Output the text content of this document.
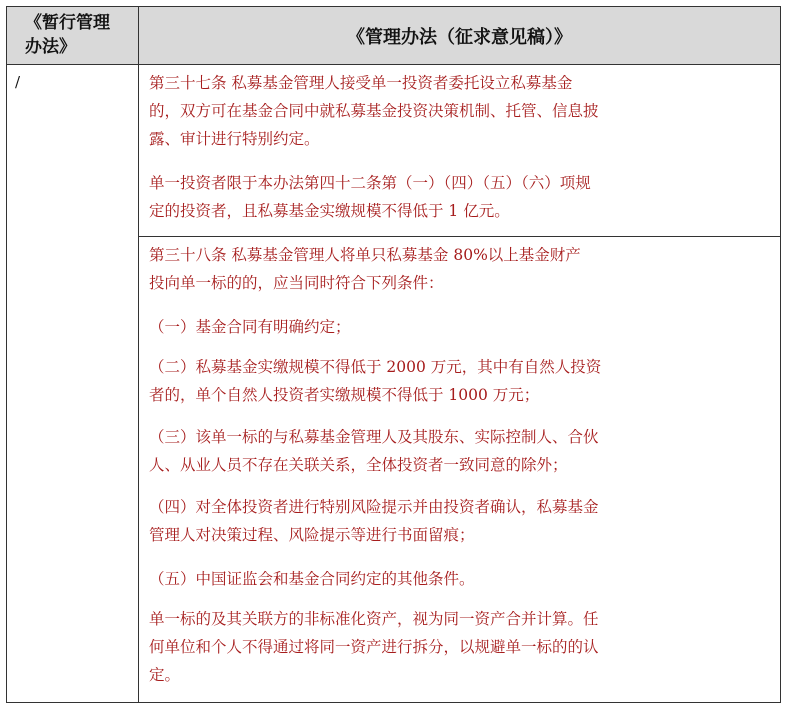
《暂行管理
办法》	《管理办法（征求意见稿）》
/	第三十七条 私募基金管理人接受单一投资者委托设立私募基金
的，双方可在基金合同中就私募基金投资决策机制、托管、信息披
露、审计进行特别约定。
单一投资者限于本办法第四十二条第（一）（四）（五）（六）项规
定的投资者，且私募基金实缴规模不得低于 1 亿元。
第三十八条 私募基金管理人将单只私募基金 80%以上基金财产
投向单一标的的，应当同时符合下列条件：
（一）基金合同有明确约定；
（二）私募基金实缴规模不得低于 2000 万元，其中有自然人投资
者的，单个自然人投资者实缴规模不得低于 1000 万元；
（三）该单一标的与私募基金管理人及其股东、实际控制人、合伙
人、从业人员不存在关联关系，全体投资者一致同意的除外；
（四）对全体投资者进行特别风险提示并由投资者确认，私募基金
管理人对决策过程、风险提示等进行书面留痕；
（五）中国证监会和基金合同约定的其他条件。
单一标的及其关联方的非标准化资产，视为同一资产合并计算。任
何单位和个人不得通过将同一资产进行拆分，以规避单一标的的认
定。
